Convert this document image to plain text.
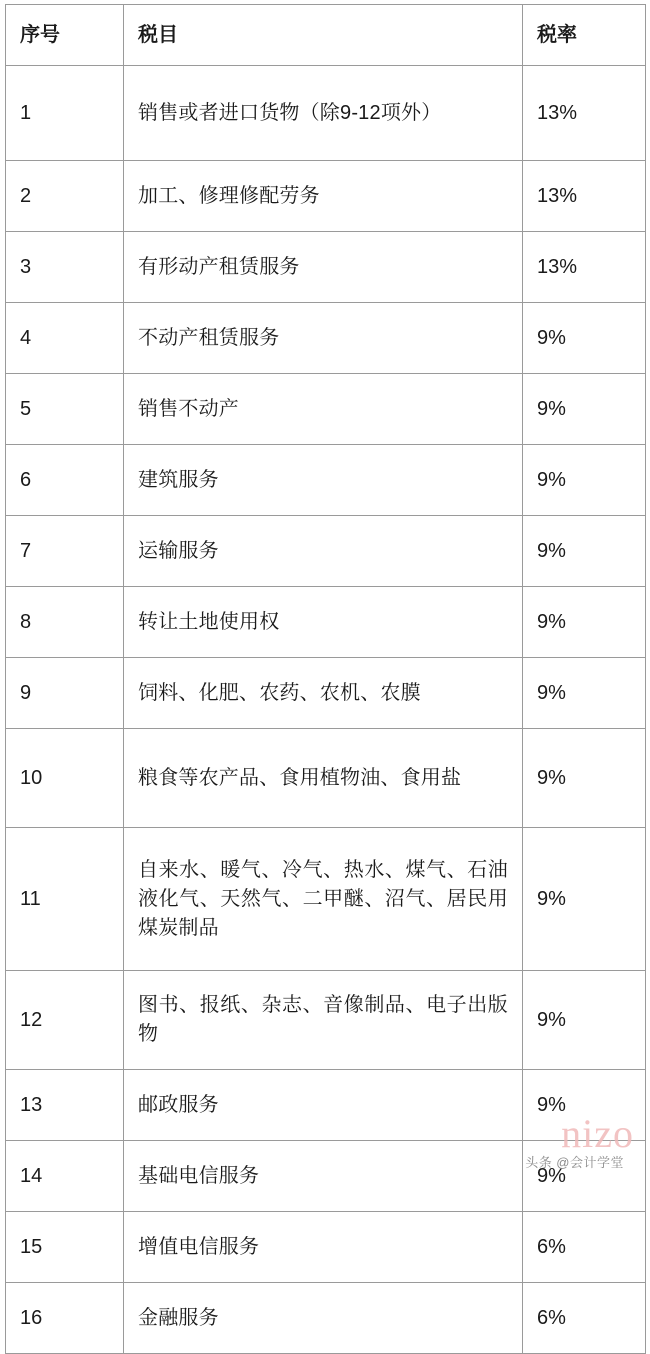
序号	税目	税率
1	销售或者进口货物（除9-12项外）	13%
2	加工、修理修配劳务	13%
3	有形动产租赁服务	13%
4	不动产租赁服务	9%
5	销售不动产	9%
6	建筑服务	9%
7	运输服务	9%
8	转让土地使用权	9%
9	饲料、化肥、农药、农机、农膜	9%
10	粮食等农产品、食用植物油、食用盐	9%
11	自来水、暖气、冷气、热水、煤气、石油液化气、天然气、二甲醚、沼气、居民用煤炭制品	9%
12	图书、报纸、杂志、音像制品、电子出版物	9%
13	邮政服务	9%
14	基础电信服务	9%
15	增值电信服务	6%
16	金融服务	6%
nizo
头条 @会计学堂
